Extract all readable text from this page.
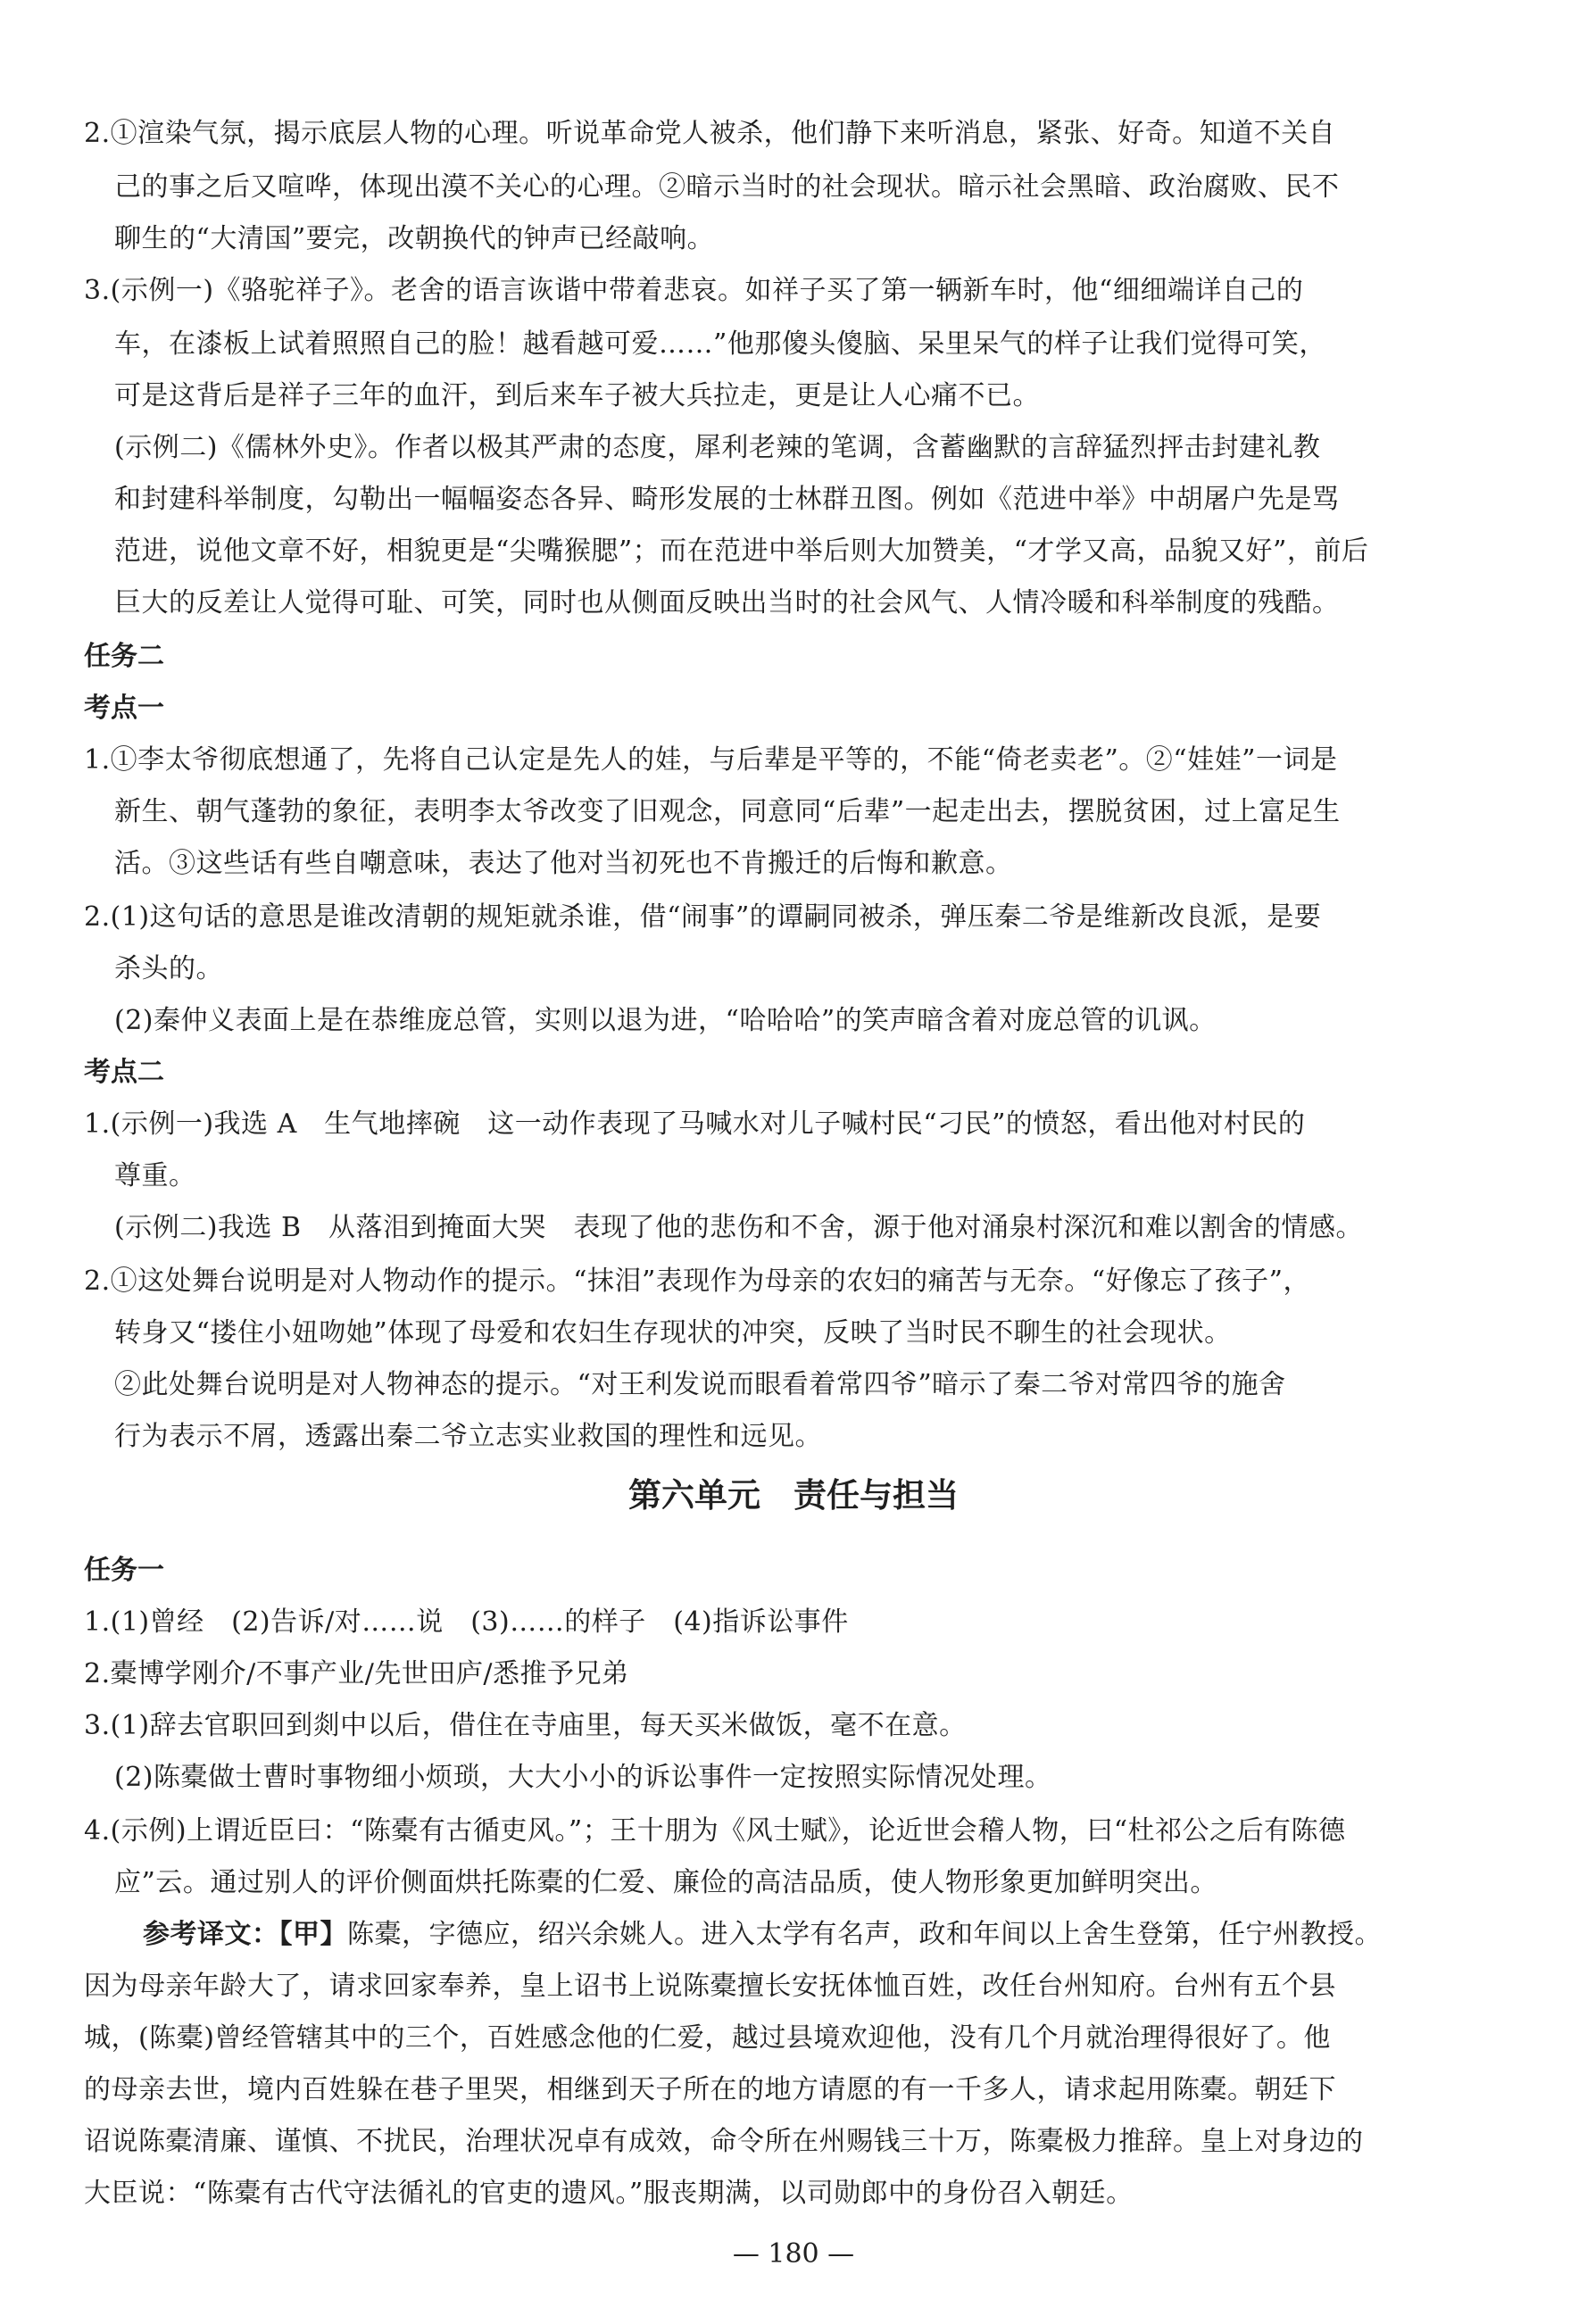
2.①渲染气氛，揭示底层人物的心理。听说革命党人被杀，他们静下来听消息，紧张、好奇。知道不关自
己的事之后又喧哗，体现出漠不关心的心理。②暗示当时的社会现状。暗示社会黑暗、政治腐败、民不
聊生的“大清国”要完，改朝换代的钟声已经敲响。
3.(示例一)《骆驼祥子》。老舍的语言诙谐中带着悲哀。如祥子买了第一辆新车时，他“细细端详自己的
车，在漆板上试着照照自己的脸！越看越可爱……”他那傻头傻脑、呆里呆气的样子让我们觉得可笑，
可是这背后是祥子三年的血汗，到后来车子被大兵拉走，更是让人心痛不已。
(示例二)《儒林外史》。作者以极其严肃的态度，犀利老辣的笔调，含蓄幽默的言辞猛烈抨击封建礼教
和封建科举制度，勾勒出一幅幅姿态各异、畸形发展的士林群丑图。例如《范进中举》中胡屠户先是骂
范进，说他文章不好，相貌更是“尖嘴猴腮”；而在范进中举后则大加赞美，“才学又高，品貌又好”，前后
巨大的反差让人觉得可耻、可笑，同时也从侧面反映出当时的社会风气、人情冷暖和科举制度的残酷。
任务二
考点一
1.①李太爷彻底想通了，先将自己认定是先人的娃，与后辈是平等的，不能“倚老卖老”。②“娃娃”一词是
新生、朝气蓬勃的象征，表明李太爷改变了旧观念，同意同“后辈”一起走出去，摆脱贫困，过上富足生
活。③这些话有些自嘲意味，表达了他对当初死也不肯搬迁的后悔和歉意。
2.(1)这句话的意思是谁改清朝的规矩就杀谁，借“闹事”的谭嗣同被杀，弹压秦二爷是维新改良派，是要
杀头的。
(2)秦仲义表面上是在恭维庞总管，实则以退为进，“哈哈哈”的笑声暗含着对庞总管的讥讽。
考点二
1.(示例一)我选 A　生气地摔碗　这一动作表现了马喊水对儿子喊村民“刁民”的愤怒，看出他对村民的
尊重。
(示例二)我选 B　从落泪到掩面大哭　表现了他的悲伤和不舍，源于他对涌泉村深沉和难以割舍的情感。
2.①这处舞台说明是对人物动作的提示。“抹泪”表现作为母亲的农妇的痛苦与无奈。“好像忘了孩子”，
转身又“搂住小妞吻她”体现了母爱和农妇生存现状的冲突，反映了当时民不聊生的社会现状。
②此处舞台说明是对人物神态的提示。“对王利发说而眼看着常四爷”暗示了秦二爷对常四爷的施舍
行为表示不屑，透露出秦二爷立志实业救国的理性和远见。
第六单元　责任与担当
任务一
1.(1)曾经　(2)告诉/对……说　(3)……的样子　(4)指诉讼事件
2.橐博学刚介/不事产业/先世田庐/悉推予兄弟
3.(1)辞去官职回到剡中以后，借住在寺庙里，每天买米做饭，毫不在意。
(2)陈橐做士曹时事物细小烦琐，大大小小的诉讼事件一定按照实际情况处理。
4.(示例)上谓近臣曰：“陈橐有古循吏风。”；王十朋为《风士赋》，论近世会稽人物，曰“杜祁公之后有陈德
应”云。通过别人的评价侧面烘托陈橐的仁爱、廉俭的高洁品质，使人物形象更加鲜明突出。
参考译文：【甲】陈橐，字德应，绍兴余姚人。进入太学有名声，政和年间以上舍生登第，任宁州教授。
因为母亲年龄大了，请求回家奉养，皇上诏书上说陈橐擅长安抚体恤百姓，改任台州知府。台州有五个县
城，(陈橐)曾经管辖其中的三个，百姓感念他的仁爱，越过县境欢迎他，没有几个月就治理得很好了。他
的母亲去世，境内百姓躲在巷子里哭，相继到天子所在的地方请愿的有一千多人，请求起用陈橐。朝廷下
诏说陈橐清廉、谨慎、不扰民，治理状况卓有成效，命令所在州赐钱三十万，陈橐极力推辞。皇上对身边的
大臣说：“陈橐有古代守法循礼的官吏的遗风。”服丧期满，以司勋郎中的身份召入朝廷。
— 180 —
